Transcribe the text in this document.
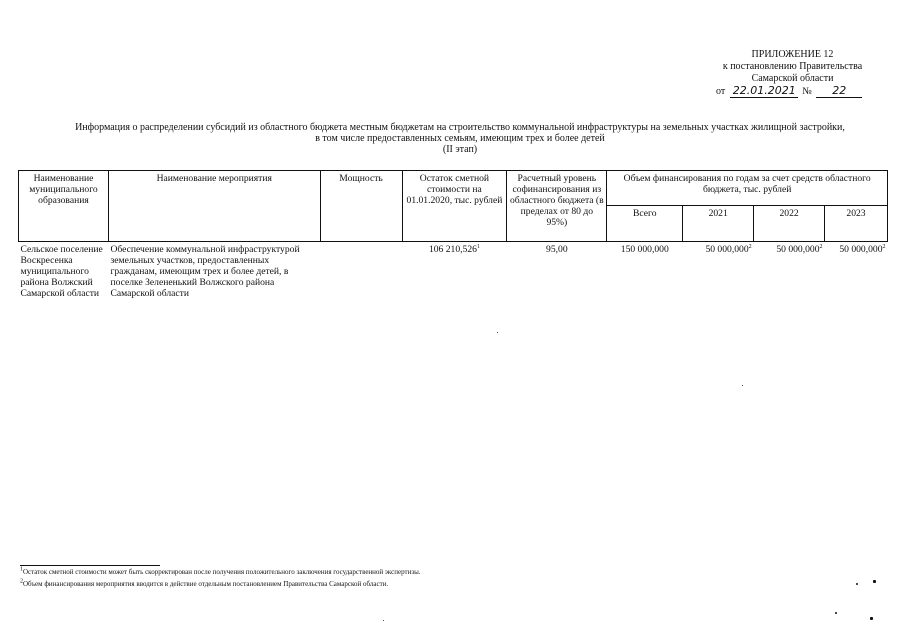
ПРИЛОЖЕНИЕ 12
к постановлению Правительства
Самарской области
от 22.01.2021 № 22
Информация о распределении субсидий из областного бюджета местным бюджетам на строительство коммунальной инфраструктуры на земельных участках жилищной застройки,
в том числе предоставленных семьям, имеющим трех и более детей
(II этап)
Наименование муниципального образования	Наименование мероприятия	Мощность	Остаток сметной стоимости на 01.01.2020, тыс. рублей	Расчетный уровень софинансирования из областного бюджета (в пределах от 80 до 95%)	Объем финансирования по годам за счет средств областного бюджета, тыс. рублей			
					Всего	2021	2022	2023
Сельское поселение Воскресенка муниципального района Волжский Самарской области	Обеспечение коммунальной инфраструктурой земельных участков, предоставленных гражданам, имеющим трех и более детей, в поселке Зелененький Волжского района Самарской области		106 210,526$^1$	95,00	150 000,000	50 000,000$^2$	50 000,000$^2$	50 000,000$^2$
$^1$Остаток сметной стоимости может быть скорректирован после получения положительного заключения государственной экспертизы.
$^2$Объем финансирования мероприятия вводится в действие отдельным постановлением Правительства Самарской области.
